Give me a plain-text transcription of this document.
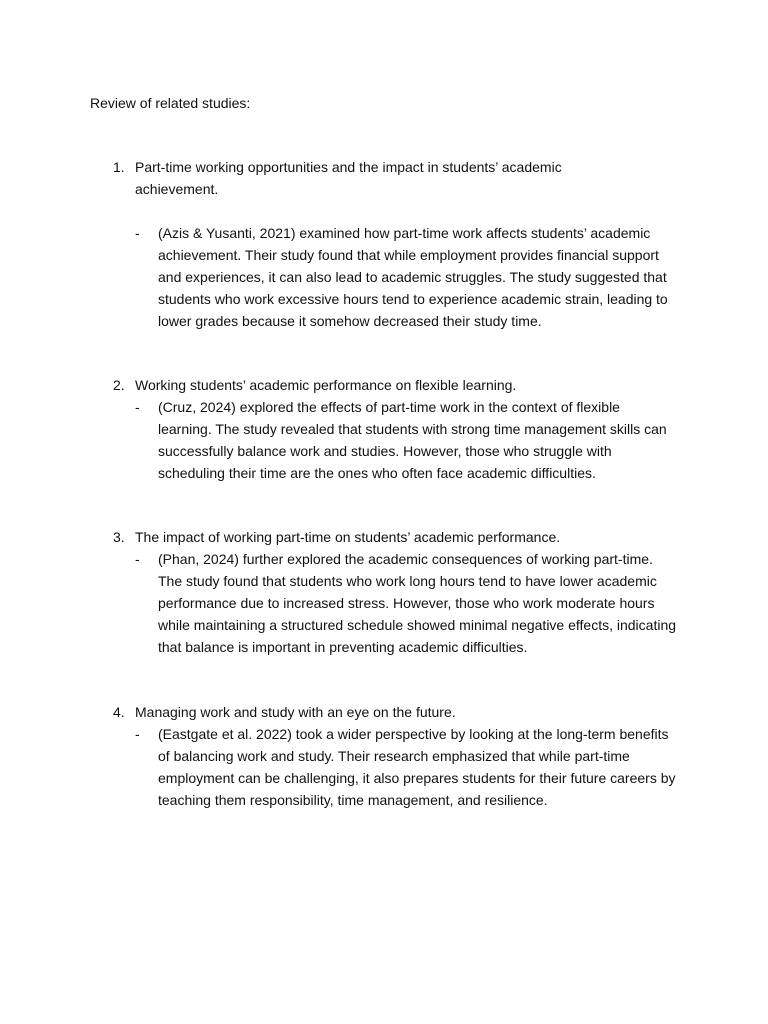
Review of related studies:
1. Part-time working opportunities and the impact in students’ academic achievement.
-	(Azis & Yusanti, 2021) examined how part-time work affects students’ academic achievement. Their study found that while employment provides financial support and experiences, it can also lead to academic struggles. The study suggested that students who work excessive hours tend to experience academic strain, leading to lower grades because it somehow decreased their study time.

2. Working students’ academic performance on flexible learning.
-	(Cruz, 2024) explored the effects of part-time work in the context of flexible learning. The study revealed that students with strong time management skills can successfully balance work and studies. However, those who struggle with scheduling their time are the ones who often face academic difficulties.

3. The impact of working part-time on students’ academic performance.
-	(Phan, 2024) further explored the academic consequences of working part-time. The study found that students who work long hours tend to have lower academic performance due to increased stress. However, those who work moderate hours while maintaining a structured schedule showed minimal negative effects, indicating that balance is important in preventing academic difficulties.

4. Managing work and study with an eye on the future.
-	(Eastgate et al. 2022) took a wider perspective by looking at the long-term benefits of balancing work and study. Their research emphasized that while part-time employment can be challenging, it also prepares students for their future careers by teaching them responsibility, time management, and resilience.
